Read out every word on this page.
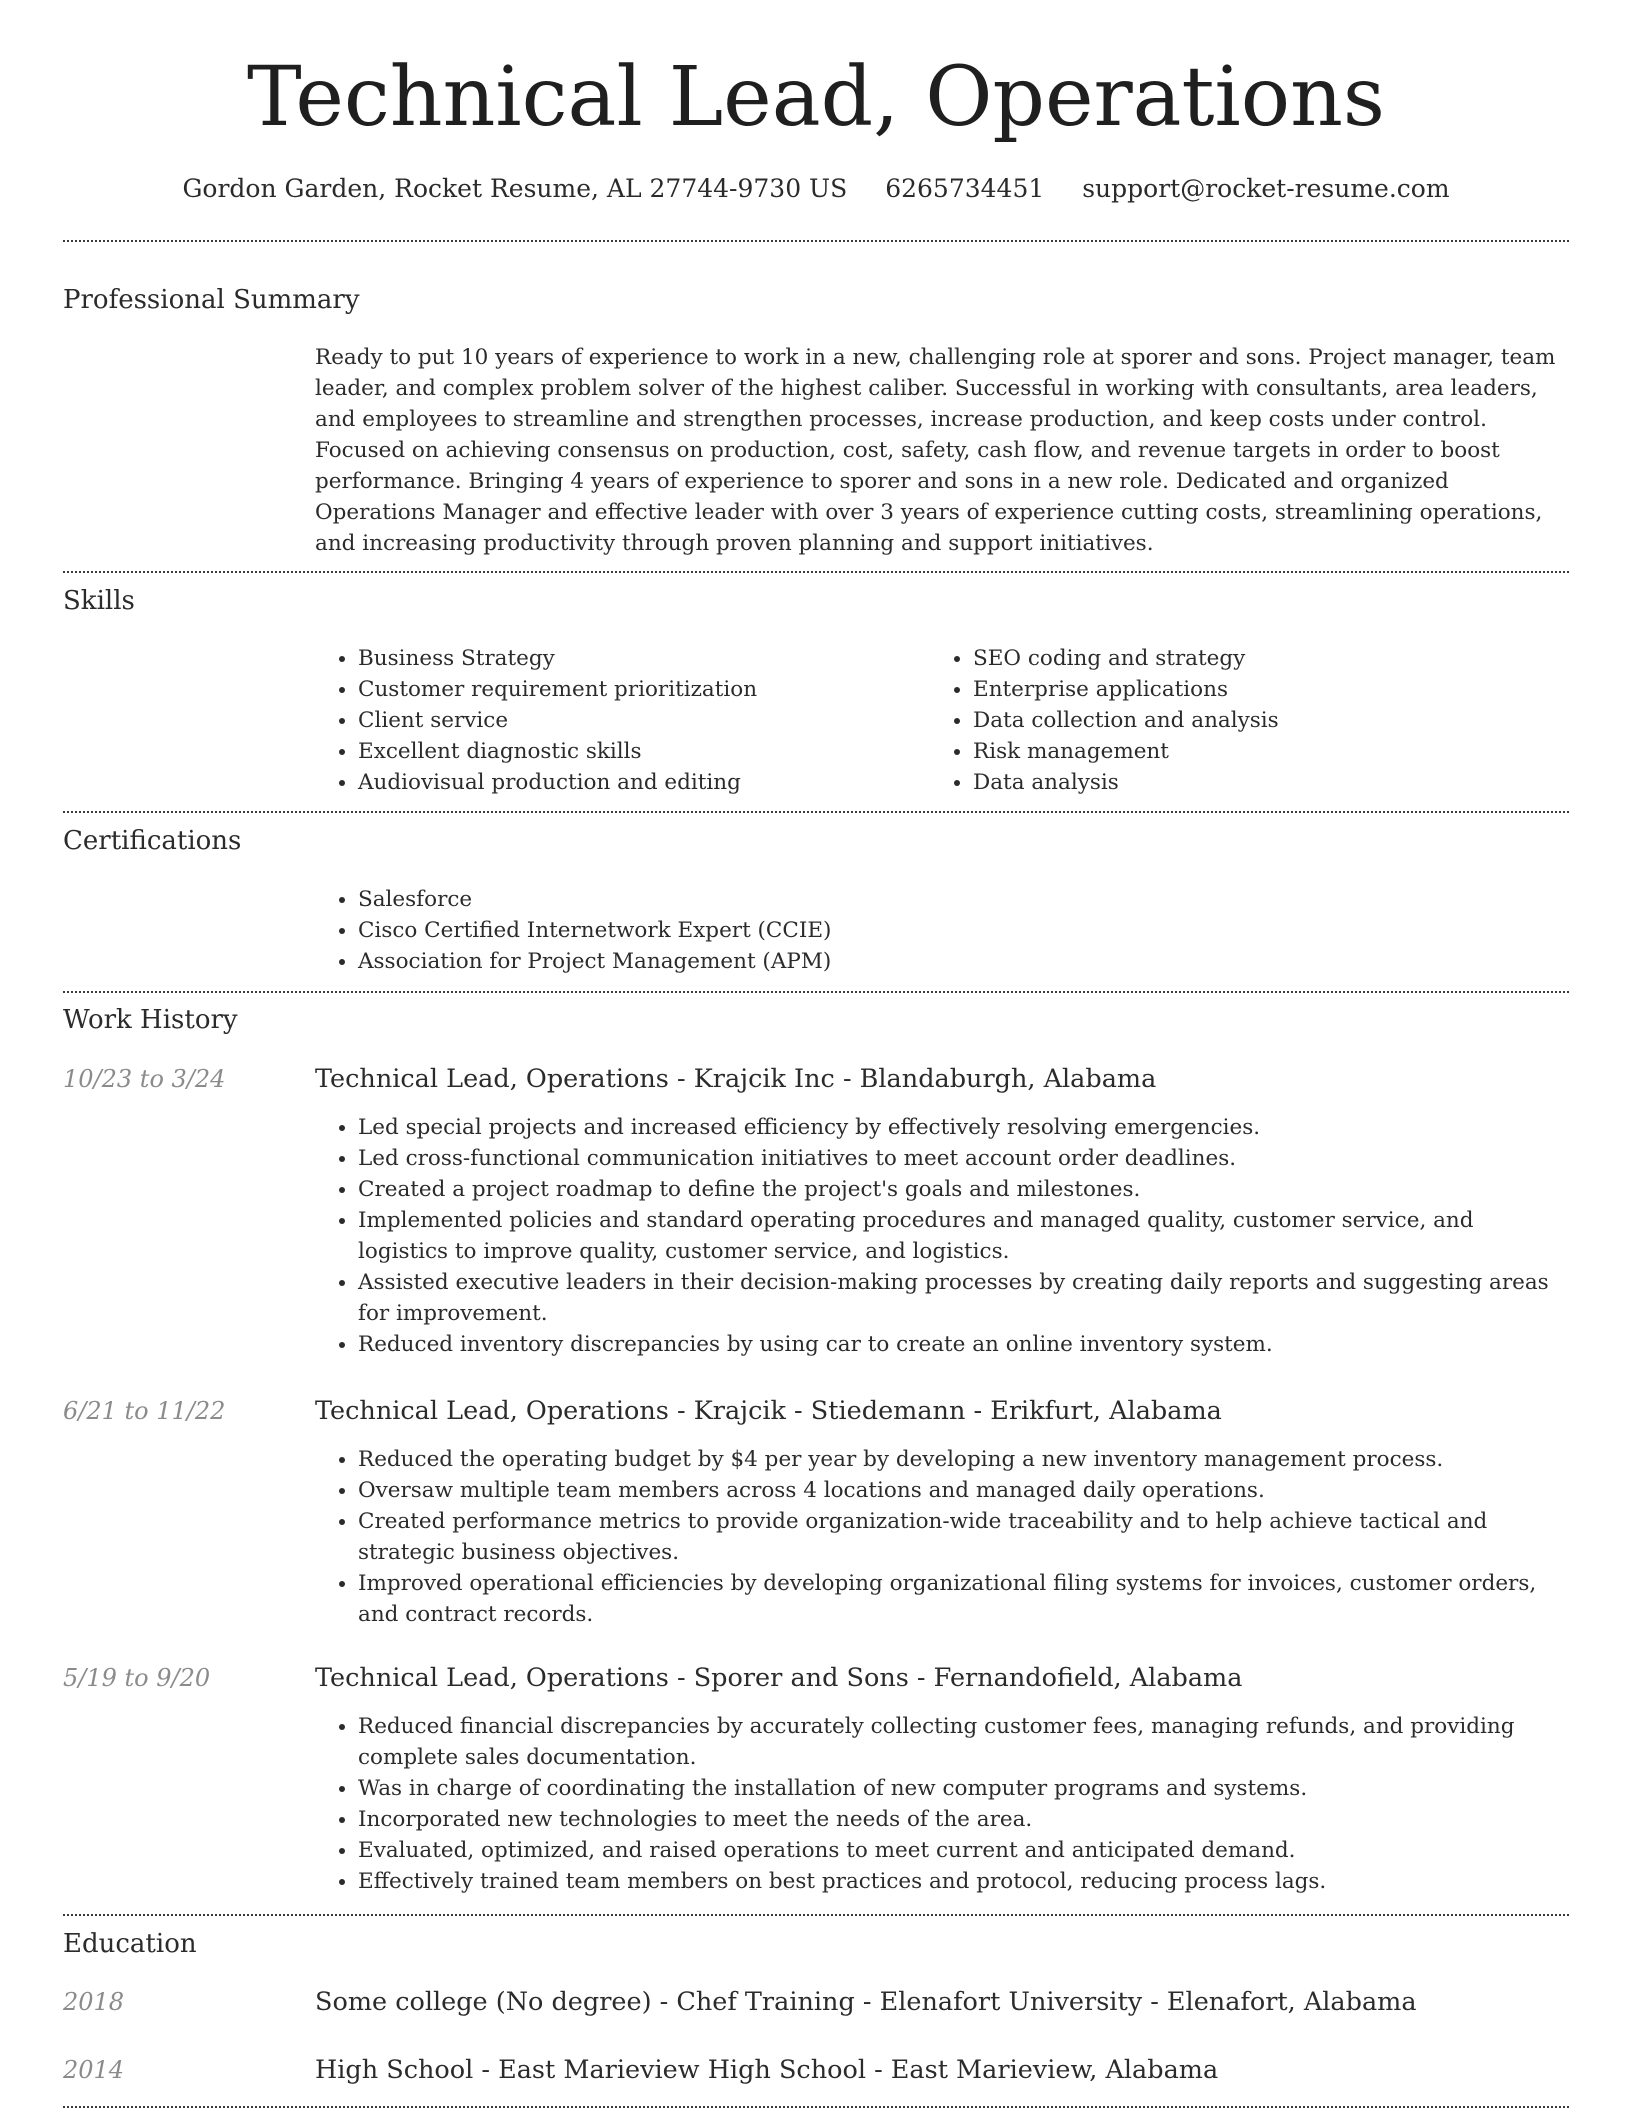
Technical Lead, Operations
Gordon Garden, Rocket Resume, AL 27744-9730 US 6265734451 support@rocket-resume.com
Professional Summary

Ready to put 10 years of experience to work in a new, challenging role at sporer and sons. Project manager, team leader, and complex problem solver of the highest caliber. Successful in working with consultants, area leaders, and employees to streamline and strengthen processes, increase production, and keep costs under control. Focused on achieving consensus on production, cost, safety, cash flow, and revenue targets in order to boost performance. Bringing 4 years of experience to sporer and sons in a new role. Dedicated and organized Operations Manager and effective leader with over 3 years of experience cutting costs, streamlining operations, and increasing productivity through proven planning and support initiatives.

Skills
• Business Strategy
• Customer requirement prioritization
• Client service
• Excellent diagnostic skills
• Audiovisual production and editing
• SEO coding and strategy
• Enterprise applications
• Data collection and analysis
• Risk management
• Data analysis
Certifications
• Salesforce
• Cisco Certified Internetwork Expert (CCIE)
• Association for Project Management (APM)
Work History
10/23 to 3/24	Technical Lead, Operations - Krajcik Inc - Blandaburgh, Alabama
• Led special projects and increased efficiency by effectively resolving emergencies.
• Led cross-functional communication initiatives to meet account order deadlines.
• Created a project roadmap to define the project's goals and milestones.
• Implemented policies and standard operating procedures and managed quality, customer service, and logistics to improve quality, customer service, and logistics.
• Assisted executive leaders in their decision-making processes by creating daily reports and suggesting areas for improvement.
• Reduced inventory discrepancies by using car to create an online inventory system.
6/21 to 11/22	Technical Lead, Operations - Krajcik - Stiedemann - Erikfurt, Alabama
• Reduced the operating budget by $4 per year by developing a new inventory management process.
• Oversaw multiple team members across 4 locations and managed daily operations.
• Created performance metrics to provide organization-wide traceability and to help achieve tactical and strategic business objectives.
• Improved operational efficiencies by developing organizational filing systems for invoices, customer orders, and contract records.
5/19 to 9/20	Technical Lead, Operations - Sporer and Sons - Fernandofield, Alabama
• Reduced financial discrepancies by accurately collecting customer fees, managing refunds, and providing complete sales documentation.
• Was in charge of coordinating the installation of new computer programs and systems.
• Incorporated new technologies to meet the needs of the area.
• Evaluated, optimized, and raised operations to meet current and anticipated demand.
• Effectively trained team members on best practices and protocol, reducing process lags.
Education
2018	Some college (No degree) - Chef Training - Elenafort University - Elenafort, Alabama
2014	High School - East Marieview High School - East Marieview, Alabama
